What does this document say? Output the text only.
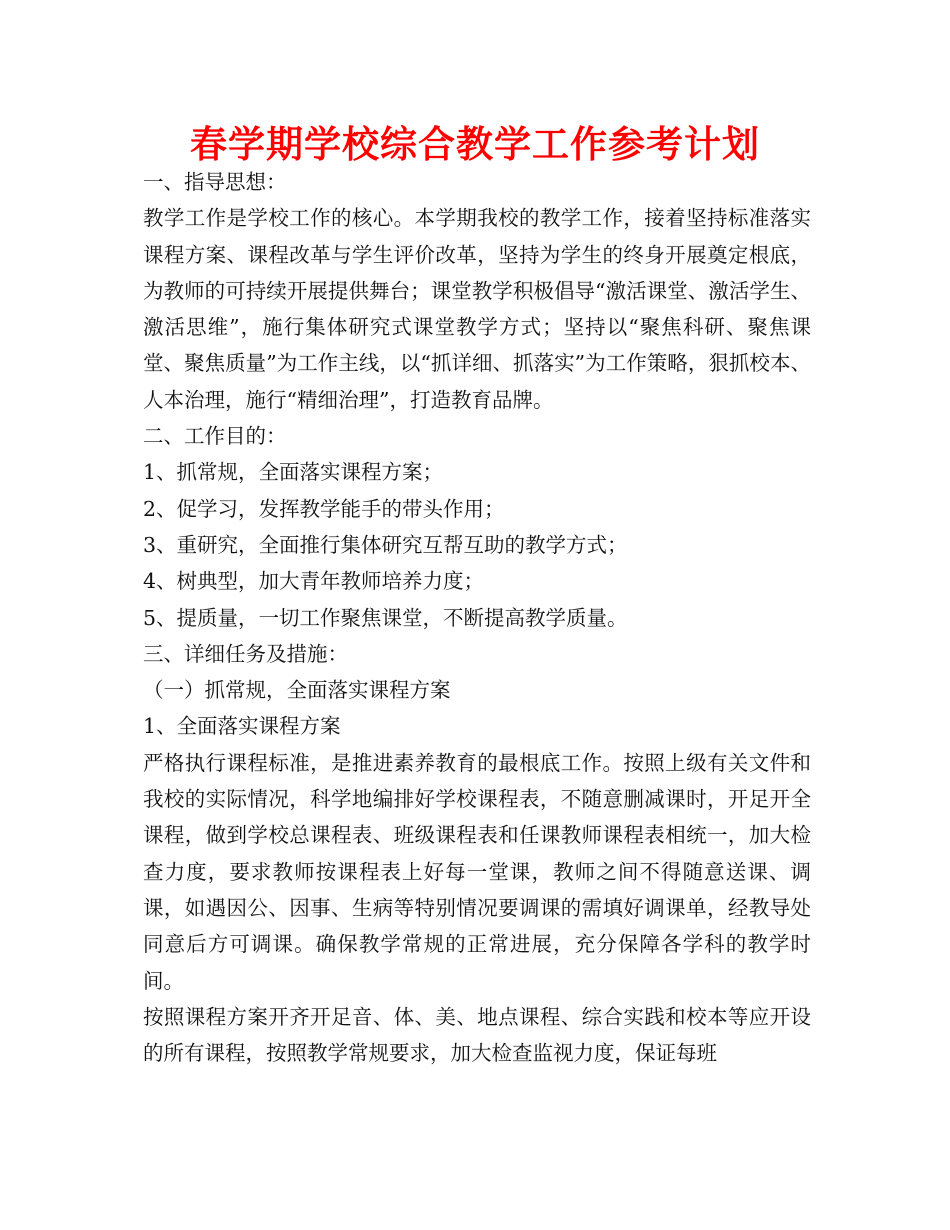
春学期学校综合教学工作参考计划

一、指导思想：

教学工作是学校工作的核心。本学期我校的教学工作，接着坚持标准落实课程方案、课程改革与学生评价改革，坚持为学生的终身开展奠定根底，为教师的可持续开展提供舞台；课堂教学积极倡导“激活课堂、激活学生、激活思维”，施行集体研究式课堂教学方式；坚持以“聚焦科研、聚焦课堂、聚焦质量”为工作主线，以“抓详细、抓落实”为工作策略，狠抓校本、人本治理，施行“精细治理”，打造教育品牌。

二、工作目的：

1、抓常规，全面落实课程方案；

2、促学习，发挥教学能手的带头作用；

3、重研究，全面推行集体研究互帮互助的教学方式；

4、树典型，加大青年教师培养力度；

5、提质量，一切工作聚焦课堂，不断提高教学质量。

三、详细任务及措施：

（一）抓常规，全面落实课程方案

1、全面落实课程方案

严格执行课程标准，是推进素养教育的最根底工作。按照上级有关文件和我校的实际情况，科学地编排好学校课程表，不随意删减课时，开足开全课程，做到学校总课程表、班级课程表和任课教师课程表相统一，加大检查力度，要求教师按课程表上好每一堂课，教师之间不得随意送课、调课，如遇因公、因事、生病等特别情况要调课的需填好调课单，经教导处同意后方可调课。确保教学常规的正常进展，充分保障各学科的教学时间。

按照课程方案开齐开足音、体、美、地点课程、综合实践和校本等应开设的所有课程，按照教学常规要求，加大检查监视力度，保证每班
